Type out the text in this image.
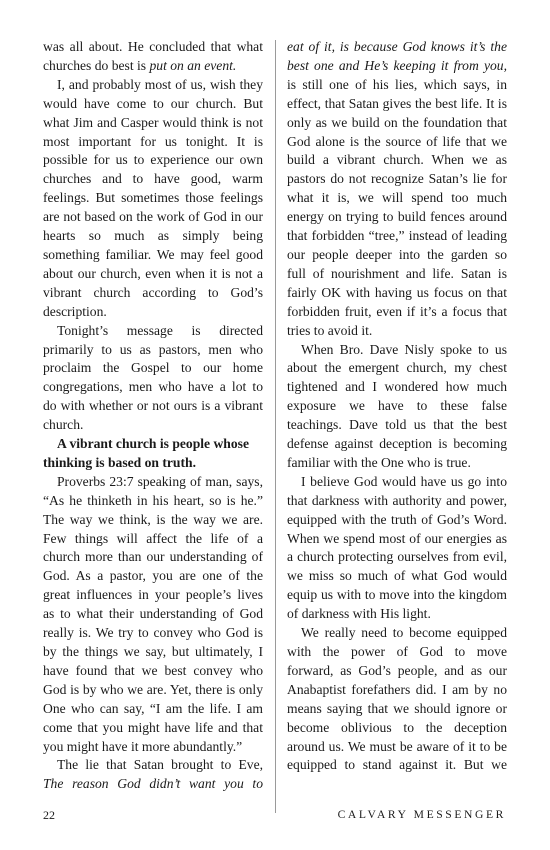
was all about. He concluded that what churches do best is put on an event.

I, and probably most of us, wish they would have come to our church. But what Jim and Casper would think is not most important for us tonight. It is possible for us to experience our own churches and to have good, warm feelings. But sometimes those feelings are not based on the work of God in our hearts so much as simply being something familiar. We may feel good about our church, even when it is not a vibrant church according to God’s description.

Tonight’s message is directed primarily to us as pastors, men who proclaim the Gospel to our home congregations, men who have a lot to do with whether or not ours is a vibrant church.

A vibrant church is people whose thinking is based on truth.

Proverbs 23:7 speaking of man, says, “As he thinketh in his heart, so is he.” The way we think, is the way we are. Few things will affect the life of a church more than our understanding of God. As a pastor, you are one of the great influences in your people’s lives as to what their understanding of God really is. We try to convey who God is by the things we say, but ultimately, I have found that we best convey who God is by who we are. Yet, there is only One who can say, “I am the life. I am come that you might have life and that you might have it more abundantly.”

The lie that Satan brought to Eve, The reason God didn’t want you to

eat of it, is because God knows it’s the best one and He’s keeping it from you, is still one of his lies, which says, in effect, that Satan gives the best life. It is only as we build on the foundation that God alone is the source of life that we build a vibrant church. When we as pastors do not recognize Satan’s lie for what it is, we will spend too much energy on trying to build fences around that forbidden “tree,” instead of leading our people deeper into the garden so full of nourishment and life. Satan is fairly OK with having us focus on that forbidden fruit, even if it’s a focus that tries to avoid it.

When Bro. Dave Nisly spoke to us about the emergent church, my chest tightened and I wondered how much exposure we have to these false teachings. Dave told us that the best defense against deception is becoming familiar with the One who is true.

I believe God would have us go into that darkness with authority and power, equipped with the truth of God’s Word. When we spend most of our energies as a church protecting ourselves from evil, we miss so much of what God would equip us with to move into the kingdom of darkness with His light.

We really need to become equipped with the power of God to move forward, as God’s people, and as our Anabaptist forefathers did. I am by no means saying that we should ignore or become oblivious to the deception around us. We must be aware of it to be equipped to stand against it. But we

22	CALVARY MESSENGER
